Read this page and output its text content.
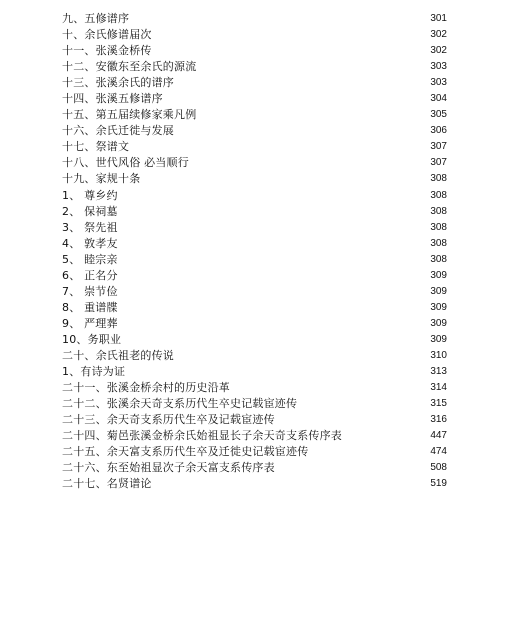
九、五修谱序	301
十、余氏修谱届次	302
十一、张溪金桥传	302
十二、安徽东至余氏的源流	303
十三、张溪余氏的谱序	303
十四、张溪五修谱序	304
十五、第五届续修家乘凡例	305
十六、余氏迁徙与发展	306
十七、祭谱文	307
十八、世代风俗 必当顺行	307
十九、家规十条	308
1、 尊乡约	308
2、 保祠墓	308
3、 祭先祖	308
4、 敦孝友	308
5、 睦宗亲	308
6、 正名分	309
7、 崇节俭	309
8、 重谱牒	309
9、 严理葬	309
10、务职业	309
二十、余氏祖老的传说	310
1、有诗为证	313
二十一、张溪金桥余村的历史沿革	314
二十二、张溪余天奇支系历代生卒史记载宦迹传	315
二十三、余天奇支系历代生卒及记载宦迹传	316
二十四、菊邑张溪金桥余氏始祖显长子余天奇支系传序表	447
二十五、余天富支系历代生卒及迁徙史记载宦迹传	474
二十六、东至始祖显次子余天富支系传序表	508
二十七、名贤谱论	519
